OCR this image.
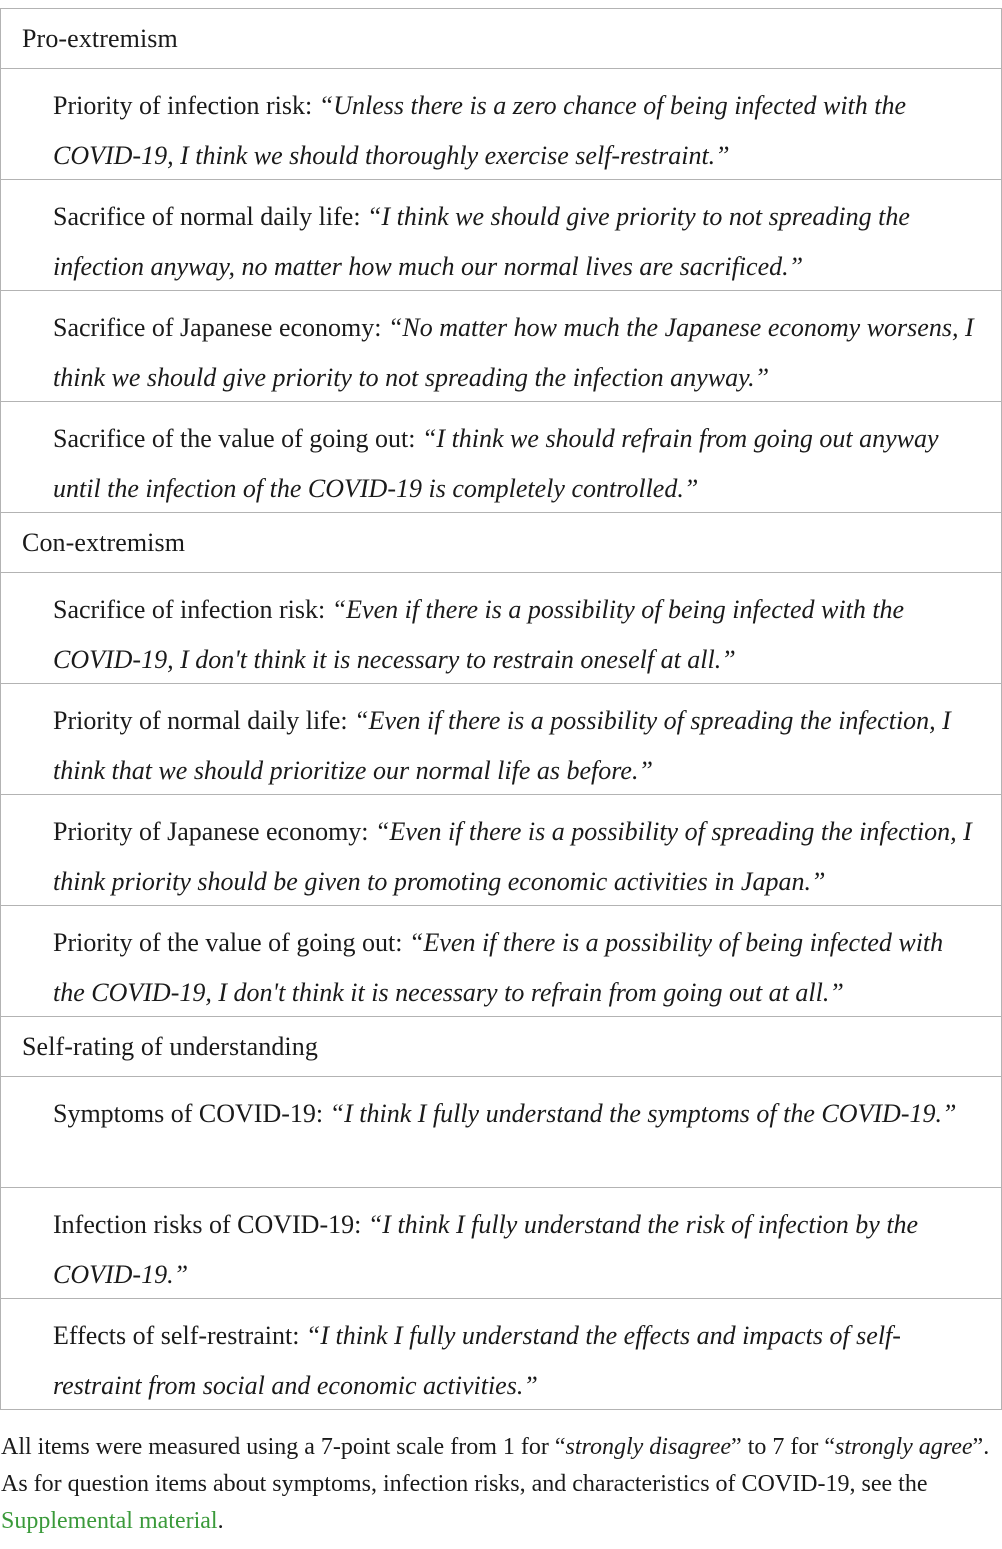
Pro-extremism
Priority of infection risk: “Unless there is a zero chance of being infected with the COVID-19, I think we should thoroughly exercise self-restraint.”
Sacrifice of normal daily life: “I think we should give priority to not spreading the infection anyway, no matter how much our normal lives are sacrificed.”
Sacrifice of Japanese economy: “No matter how much the Japanese economy worsens, I think we should give priority to not spreading the infection anyway.”
Sacrifice of the value of going out: “I think we should refrain from going out anyway until the infection of the COVID-19 is completely controlled.”
Con-extremism
Sacrifice of infection risk: “Even if there is a possibility of being infected with the COVID-19, I don't think it is necessary to restrain oneself at all.”
Priority of normal daily life: “Even if there is a possibility of spreading the infection, I think that we should prioritize our normal life as before.”
Priority of Japanese economy: “Even if there is a possibility of spreading the infection, I think priority should be given to promoting economic activities in Japan.”
Priority of the value of going out: “Even if there is a possibility of being infected with the COVID-19, I don't think it is necessary to refrain from going out at all.”
Self-rating of understanding
Symptoms of COVID-19: “I think I fully understand the symptoms of the COVID-19.”
Infection risks of COVID-19: “I think I fully understand the risk of infection by the COVID-19.”
Effects of self-restraint: “I think I fully understand the effects and impacts of self-restraint from social and economic activities.”
All items were measured using a 7-point scale from 1 for “strongly disagree” to 7 for “strongly agree”. As for question items about symptoms, infection risks, and characteristics of COVID-19, see the Supplemental material.
